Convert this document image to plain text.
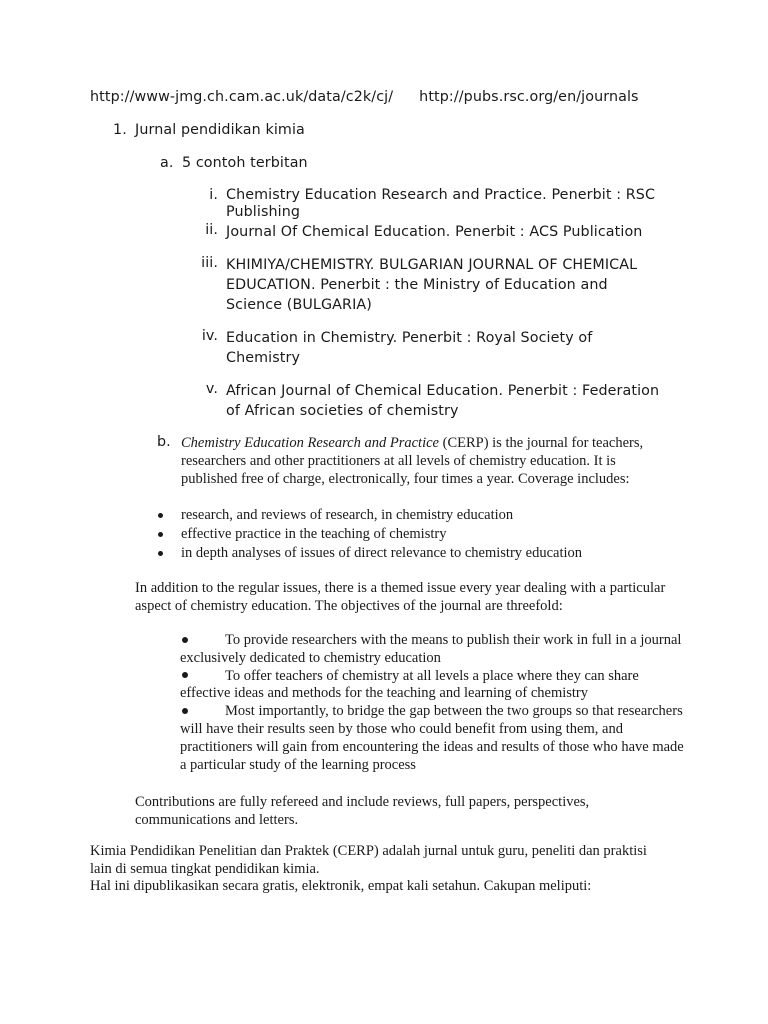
http://www-jmg.ch.cam.ac.uk/data/c2k/cj/ http://pubs.rsc.org/en/journals
1. Jurnal pendidikan kimia
a. 5 contoh terbitan
i. Chemistry Education Research and Practice. Penerbit : RSC Publishing
ii. Journal Of Chemical Education. Penerbit : ACS Publication
iii. KHIMIYA/CHEMISTRY. BULGARIAN JOURNAL OF CHEMICAL EDUCATION. Penerbit : the Ministry of Education and Science (BULGARIA)
iv. Education in Chemistry. Penerbit : Royal Society of Chemistry
v. African Journal of Chemical Education. Penerbit : Federation of African societies of chemistry
b. Chemistry Education Research and Practice (CERP) is the journal for teachers, researchers and other practitioners at all levels of chemistry education. It is published free of charge, electronically, four times a year. Coverage includes:
research, and reviews of research, in chemistry education
effective practice in the teaching of chemistry
in depth analyses of issues of direct relevance to chemistry education
In addition to the regular issues, there is a themed issue every year dealing with a particular aspect of chemistry education. The objectives of the journal are threefold:
To provide researchers with the means to publish their work in full in a journal exclusively dedicated to chemistry education
To offer teachers of chemistry at all levels a place where they can share effective ideas and methods for the teaching and learning of chemistry
Most importantly, to bridge the gap between the two groups so that researchers will have their results seen by those who could benefit from using them, and practitioners will gain from encountering the ideas and results of those who have made a particular study of the learning process
Contributions are fully refereed and include reviews, full papers, perspectives, communications and letters.
Kimia Pendidikan Penelitian dan Praktek (CERP) adalah jurnal untuk guru, peneliti dan praktisi lain di semua tingkat pendidikan kimia.
Hal ini dipublikasikan secara gratis, elektronik, empat kali setahun. Cakupan meliputi:
